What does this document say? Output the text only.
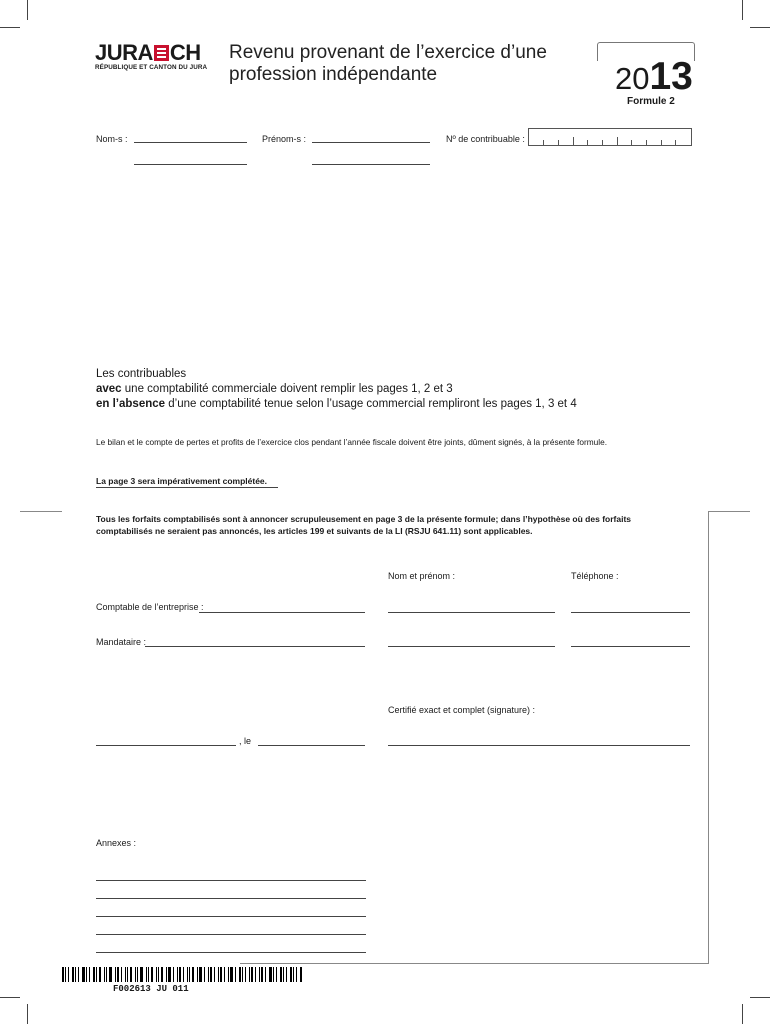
JURA CH
RÉPUBLIQUE ET CANTON DU JURA
Revenu provenant de l’exercice d’une
profession indépendante	2013
Formule 2
Nom-s :	Prénom-s :	Nº de contribuable :
Les contribuables
avec une comptabilité commerciale doivent remplir les pages 1, 2 et 3
en l’absence d’une comptabilité tenue selon l’usage commercial rempliront les pages 1, 3 et 4
Le bilan et le compte de pertes et profits de l’exercice clos pendant l’année fiscale doivent être joints, dûment signés, à la présente formule.
La page 3 sera impérativement complétée.
Tous les forfaits comptabilisés sont à annoncer scrupuleusement en page 3 de la présente formule; dans l’hypothèse où des forfaits
comptabilisés ne seraient pas annoncés, les articles 199 et suivants de la LI (RSJU 641.11) sont applicables.
Nom et prénom :	Téléphone :
Comptable de l’entreprise :
Mandataire :
Certifié exact et complet (signature) :
, le
Annexes :
F002613 JU 011
